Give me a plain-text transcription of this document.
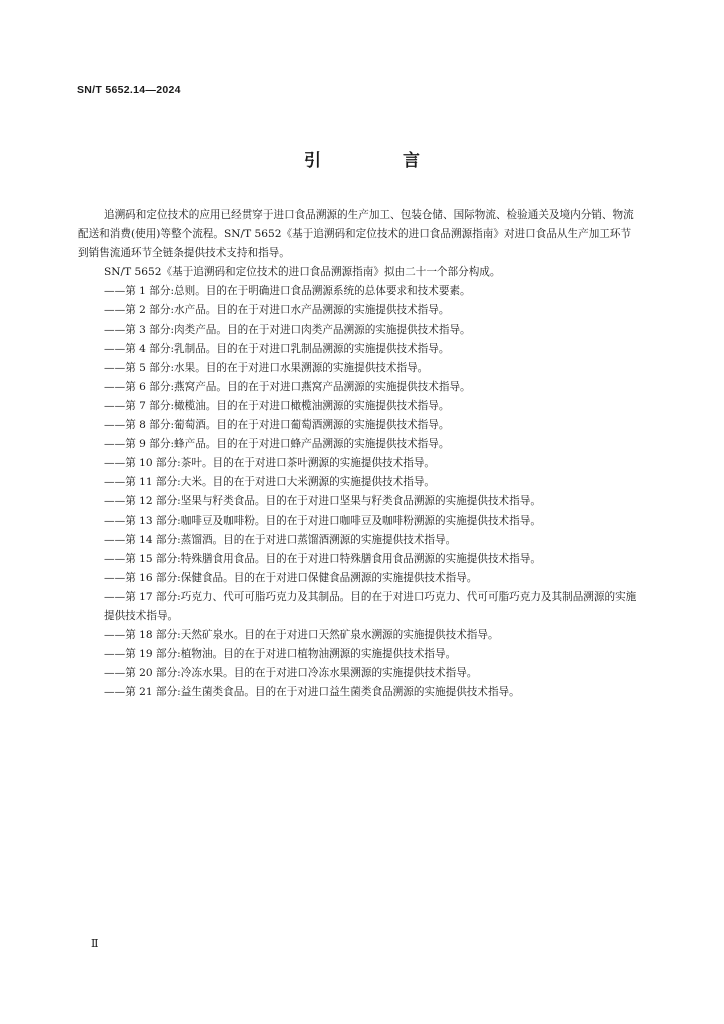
SN/T 5652.14—2024
引 言

追溯码和定位技术的应用已经贯穿于进口食品溯源的生产加工、包装仓储、国际物流、检验通关及境内分销、物流配送和消费(使用)等整个流程。SN/T 5652《基于追溯码和定位技术的进口食品溯源指南》对进口食品从生产加工环节到销售流通环节全链条提供技术支持和指导。

SN/T 5652《基于追溯码和定位技术的进口食品溯源指南》拟由二十一个部分构成。

——第 1 部分:总则。目的在于明确进口食品溯源系统的总体要求和技术要素。

——第 2 部分:水产品。目的在于对进口水产品溯源的实施提供技术指导。

——第 3 部分:肉类产品。目的在于对进口肉类产品溯源的实施提供技术指导。

——第 4 部分:乳制品。目的在于对进口乳制品溯源的实施提供技术指导。

——第 5 部分:水果。目的在于对进口水果溯源的实施提供技术指导。

——第 6 部分:燕窝产品。目的在于对进口燕窝产品溯源的实施提供技术指导。

——第 7 部分:橄榄油。目的在于对进口橄榄油溯源的实施提供技术指导。

——第 8 部分:葡萄酒。目的在于对进口葡萄酒溯源的实施提供技术指导。

——第 9 部分:蜂产品。目的在于对进口蜂产品溯源的实施提供技术指导。

——第 10 部分:茶叶。目的在于对进口茶叶溯源的实施提供技术指导。

——第 11 部分:大米。目的在于对进口大米溯源的实施提供技术指导。

——第 12 部分:坚果与籽类食品。目的在于对进口坚果与籽类食品溯源的实施提供技术指导。

——第 13 部分:咖啡豆及咖啡粉。目的在于对进口咖啡豆及咖啡粉溯源的实施提供技术指导。

——第 14 部分:蒸馏酒。目的在于对进口蒸馏酒溯源的实施提供技术指导。

——第 15 部分:特殊膳食用食品。目的在于对进口特殊膳食用食品溯源的实施提供技术指导。

——第 16 部分:保健食品。目的在于对进口保健食品溯源的实施提供技术指导。

——第 17 部分:巧克力、代可可脂巧克力及其制品。目的在于对进口巧克力、代可可脂巧克力及其制品溯源的实施提供技术指导。

——第 18 部分:天然矿泉水。目的在于对进口天然矿泉水溯源的实施提供技术指导。

——第 19 部分:植物油。目的在于对进口植物油溯源的实施提供技术指导。

——第 20 部分:冷冻水果。目的在于对进口冷冻水果溯源的实施提供技术指导。

——第 21 部分:益生菌类食品。目的在于对进口益生菌类食品溯源的实施提供技术指导。

Ⅱ
